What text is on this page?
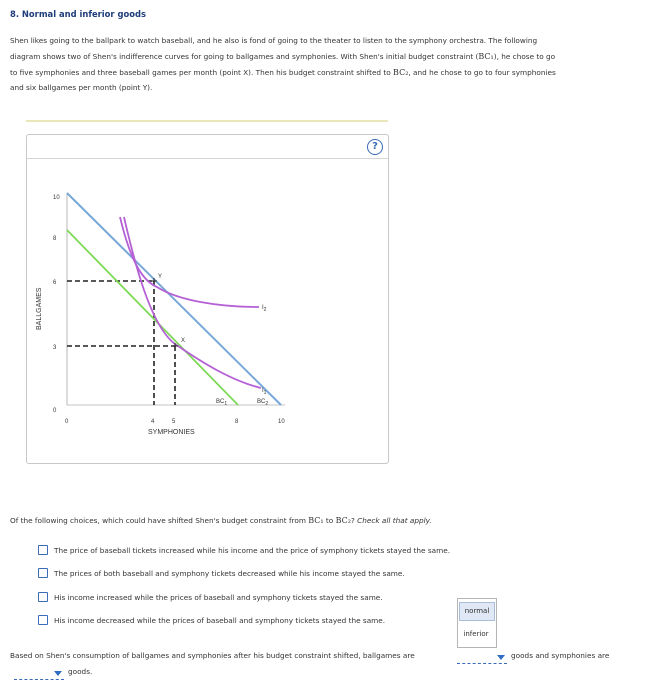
8. Normal and inferior goods
Shen likes going to the ballpark to watch baseball, and he also is fond of going to the theater to listen to the symphony orchestra. The following
diagram shows two of Shen's indifference curves for going to ballgames and symphonies. With Shen's initial budget constraint (BC₁), he chose to go
to five symphonies and three baseball games per month (point X). Then his budget constraint shifted to BC₂, and he chose to go to four symphonies
and six ballgames per month (point Y).
?
10
8
6
3
0
0	4	5	8	10
BALLGAMES
SYMPHONIES
Y
X
$BC_1$	$BC_2$
$I_2$
$I_1$
Of the following choices, which could have shifted Shen's budget constraint from BC₁ to BC₂? Check all that apply.
The price of baseball tickets increased while his income and the price of symphony tickets stayed the same.
The prices of both baseball and symphony tickets decreased while his income stayed the same.
His income increased while the prices of baseball and symphony tickets stayed the same.
His income decreased while the prices of baseball and symphony tickets stayed the same.
normal
inferior
Based on Shen's consumption of ballgames and symphonies after his budget constraint shifted, ballgames are	goods and symphonies are
goods.
